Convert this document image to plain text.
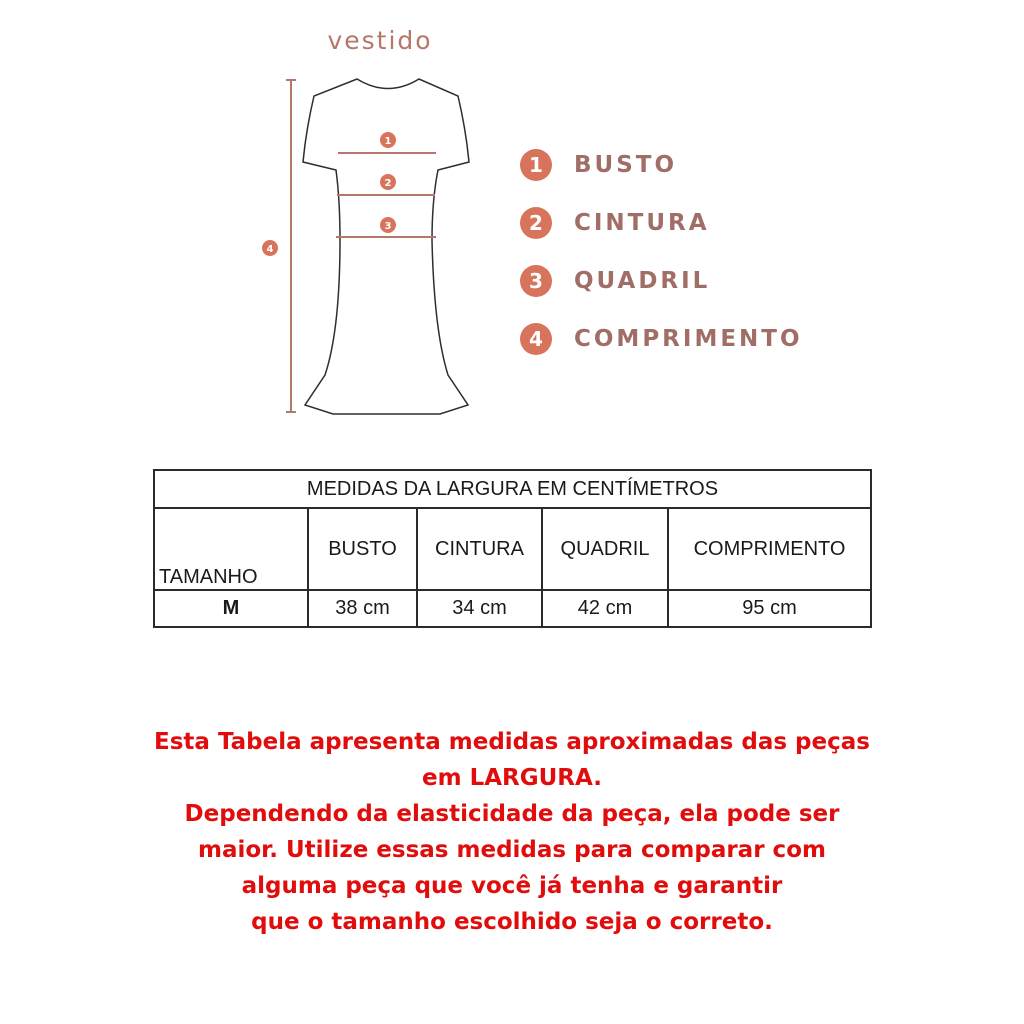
vestido
1
2
3
4
1	BUSTO
2	CINTURA
3	QUADRIL
4	COMPRIMENTO
MEDIDAS DA LARGURA EM CENTÍMETROS				
TAMANHO	BUSTO	CINTURA	QUADRIL	COMPRIMENTO
M	38 cm	34 cm	42 cm	95 cm
Esta Tabela apresenta medidas aproximadas das peças
em LARGURA.
Dependendo da elasticidade da peça, ela pode ser
maior. Utilize essas medidas para comparar com
alguma peça que você já tenha e garantir
que o tamanho escolhido seja o correto.
